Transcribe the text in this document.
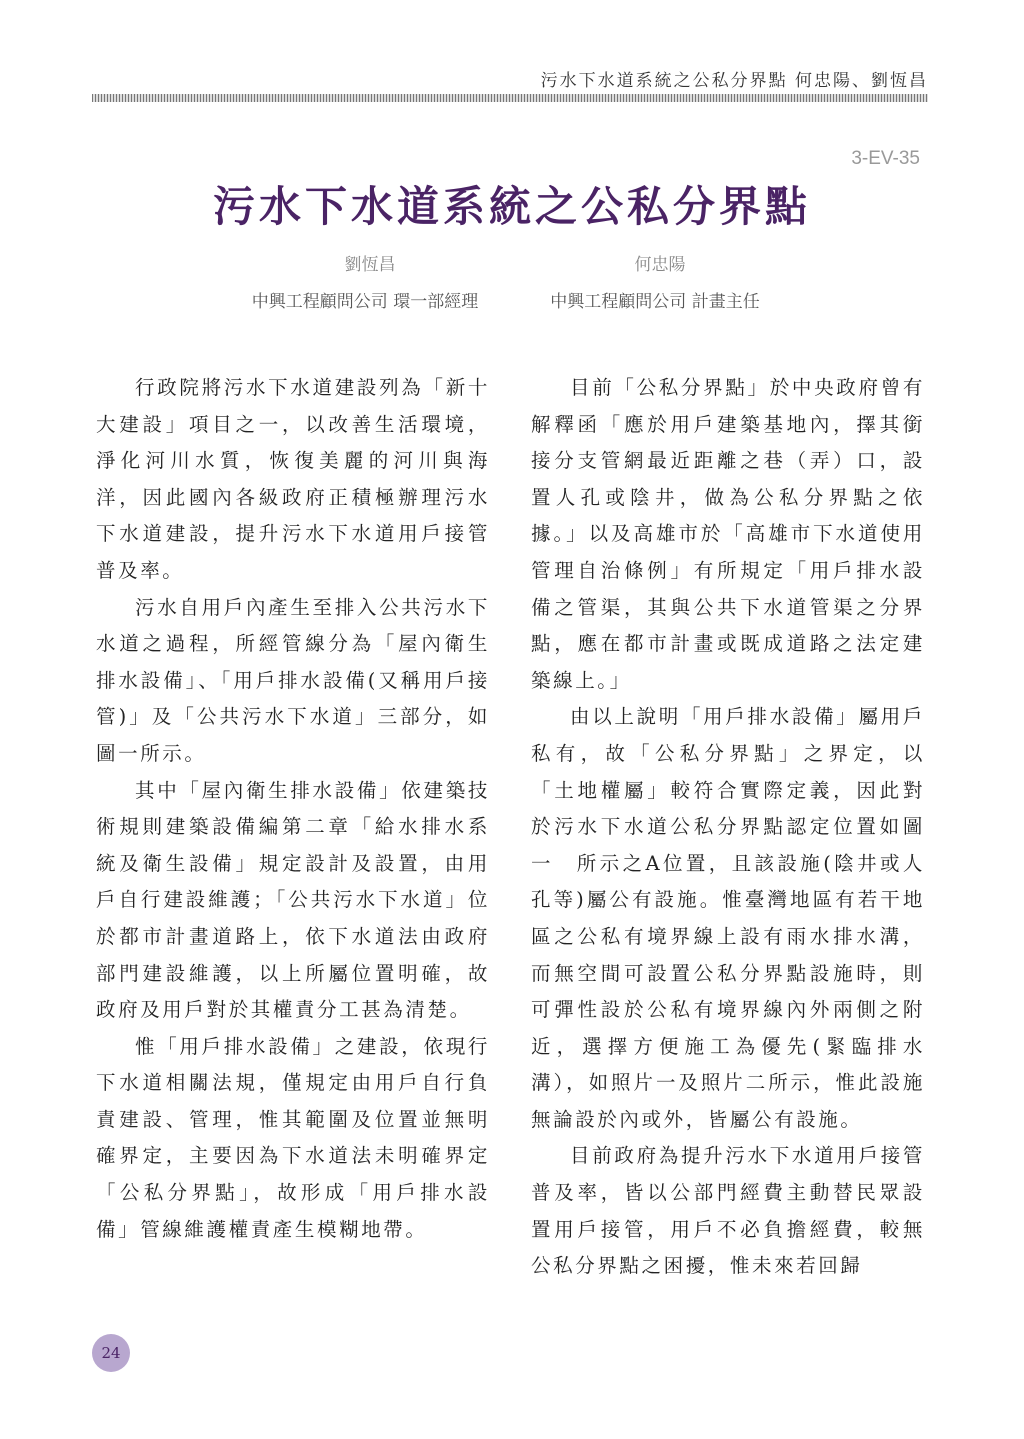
污水下水道系統之公私分界點 何忠陽、劉恆昌
3-EV-35
污水下水道系統之公私分界點
劉恆昌	何忠陽
中興工程顧問公司 環一部經理	中興工程顧問公司 計畫主任

行政院將污水下水道建設列為「新十大建設」項目之一，以改善生活環境，淨化河川水質，恢復美麗的河川與海洋，因此國內各級政府正積極辦理污水下水道建設，提升污水下水道用戶接管普及率。

污水自用戶內產生至排入公共污水下水道之過程，所經管線分為「屋內衛生排水設備」、「用戶排水設備(又稱用戶接管)」及「公共污水下水道」三部分，如圖一所示。

其中「屋內衛生排水設備」依建築技術規則建築設備編第二章「給水排水系統及衛生設備」規定設計及設置，由用戶自行建設維護；「公共污水下水道」位於都市計畫道路上，依下水道法由政府部門建設維護，以上所屬位置明確，故政府及用戶對於其權責分工甚為清楚。

惟「用戶排水設備」之建設，依現行下水道相關法規，僅規定由用戶自行負責建設、管理，惟其範圍及位置並無明確界定，主要因為下水道法未明確界定「公私分界點」，故形成「用戶排水設備」管線維護權責產生模糊地帶。

目前「公私分界點」於中央政府曾有解釋函「應於用戶建築基地內，擇其銜接分支管網最近距離之巷（弄）口，設置人孔或陰井，做為公私分界點之依據。」以及高雄市於「高雄市下水道使用管理自治條例」有所規定「用戶排水設備之管渠，其與公共下水道管渠之分界點，應在都市計畫或既成道路之法定建築線上。」

由以上說明「用戶排水設備」屬用戶私有，故「公私分界點」之界定，以「土地權屬」較符合實際定義，因此對於污水下水道公私分界點認定位置如圖一　所示之A位置，且該設施(陰井或人孔等)屬公有設施。惟臺灣地區有若干地區之公私有境界線上設有雨水排水溝，而無空間可設置公私分界點設施時，則可彈性設於公私有境界線內外兩側之附近，選擇方便施工為優先(緊臨排水溝），如照片一及照片二所示，惟此設施無論設於內或外，皆屬公有設施。

目前政府為提升污水下水道用戶接管普及率，皆以公部門經費主動替民眾設置用戶接管，用戶不必負擔經費，較無公私分界點之困擾，惟未來若回歸

24
